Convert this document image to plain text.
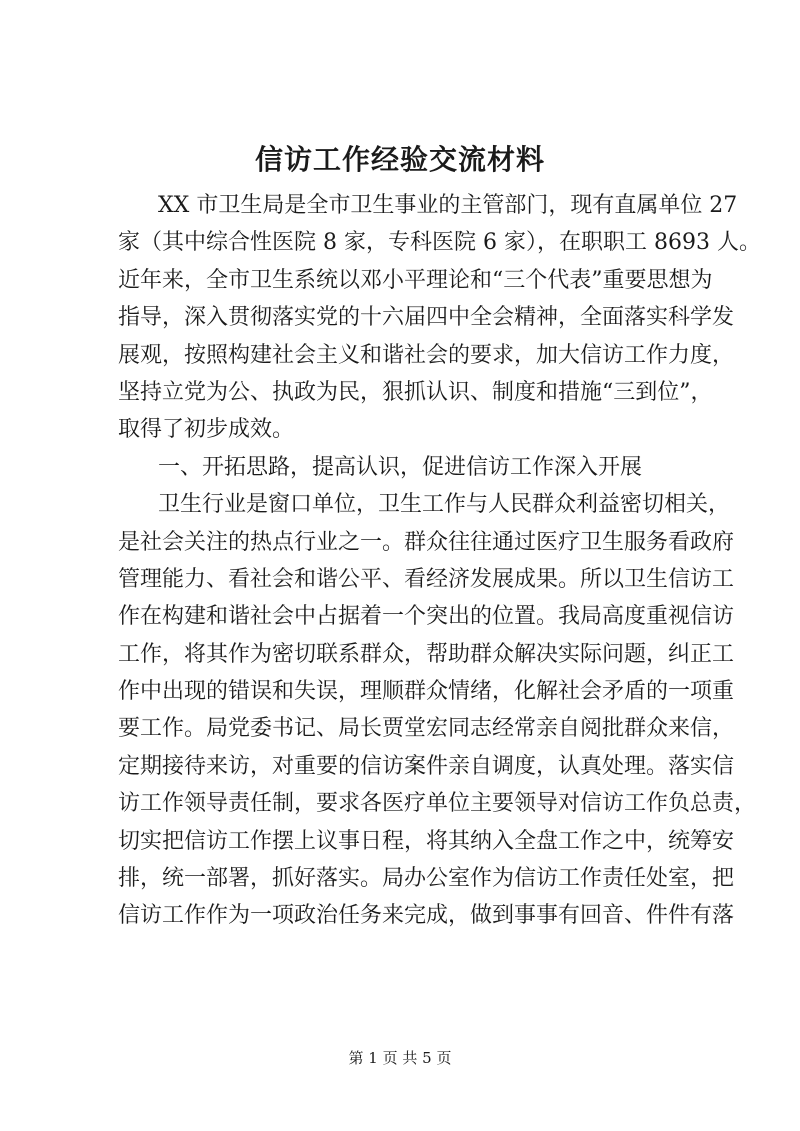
信访工作经验交流材料
XX 市卫生局是全市卫生事业的主管部门，现有直属单位 27
家（其中综合性医院 8 家，专科医院 6 家），在职职工 8693 人。
近年来，全市卫生系统以邓小平理论和“三个代表”重要思想为
指导，深入贯彻落实党的十六届四中全会精神，全面落实科学发
展观，按照构建社会主义和谐社会的要求，加大信访工作力度，
坚持立党为公、执政为民，狠抓认识、制度和措施“三到位”，
取得了初步成效。
一、开拓思路，提高认识，促进信访工作深入开展
卫生行业是窗口单位，卫生工作与人民群众利益密切相关，
是社会关注的热点行业之一。群众往往通过医疗卫生服务看政府
管理能力、看社会和谐公平、看经济发展成果。所以卫生信访工
作在构建和谐社会中占据着一个突出的位置。我局高度重视信访
工作，将其作为密切联系群众，帮助群众解决实际问题，纠正工
作中出现的错误和失误，理顺群众情绪，化解社会矛盾的一项重
要工作。局党委书记、局长贾堂宏同志经常亲自阅批群众来信，
定期接待来访，对重要的信访案件亲自调度，认真处理。落实信
访工作领导责任制，要求各医疗单位主要领导对信访工作负总责，
切实把信访工作摆上议事日程，将其纳入全盘工作之中，统筹安
排，统一部署，抓好落实。局办公室作为信访工作责任处室，把
信访工作作为一项政治任务来完成，做到事事有回音、件件有落
第 1 页 共 5 页
